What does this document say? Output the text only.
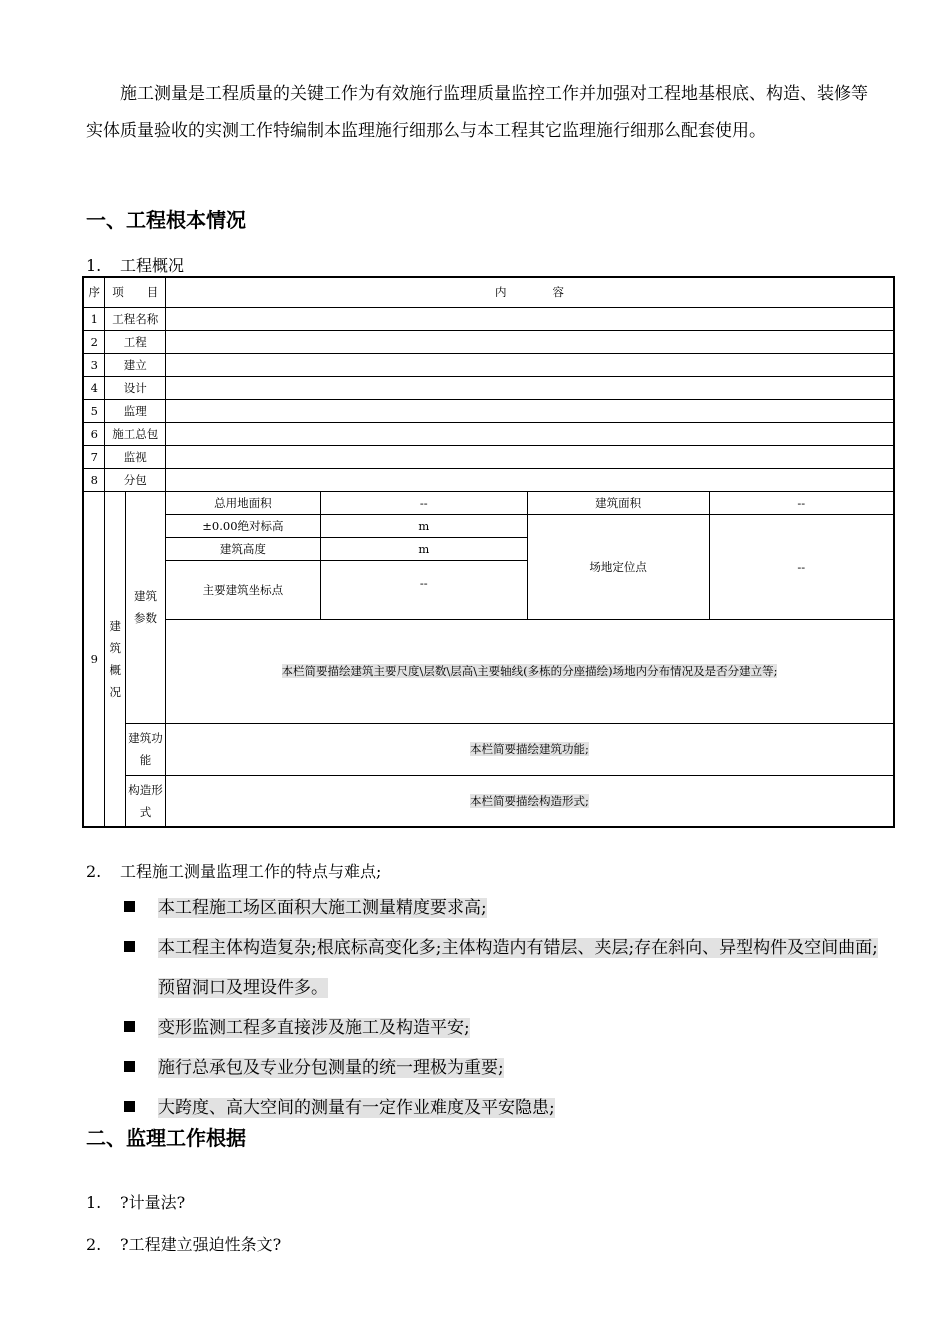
施工测量是工程质量的关键工作为有效施行监理质量监控工作并加强对工程地基根底、构造、装修等实体质量验收的实测工作特编制本监理施行细那么与本工程其它监理施行细那么配套使用。
一、工程根本情况
1. 工程概况
序	项　　目		内　　　　容			
1	工程名称					
2	工程					
3	建立					
4	设计					
5	监理					
6	施工总包					
7	监视					
8	分包					
9	建筑概况	建筑参数	总用地面积	--	建筑面积	--
			±0.00绝对标高	m	场地定位点	--
			建筑高度	m		
			主要建筑坐标点	--		
			本栏简要描绘建筑主要尺度\层数\层高\主要轴线(多栋的分座描绘)场地内分布情况及是否分建立等;			
		建筑功能	本栏简要描绘建筑功能;			
		构造形式	本栏简要描绘构造形式;			
2. 工程施工测量监理工作的特点与难点;
本工程施工场区面积大施工测量精度要求高;
本工程主体构造复杂;根底标高变化多;主体构造内有错层、夹层;存在斜向、异型构件及空间曲面;预留洞口及埋设件多。
变形监测工程多直接涉及施工及构造平安;
施行总承包及专业分包测量的统一理极为重要;
大跨度、高大空间的测量有一定作业难度及平安隐患;
二、监理工作根据
1. ?计量法?
2. ?工程建立强迫性条文?
